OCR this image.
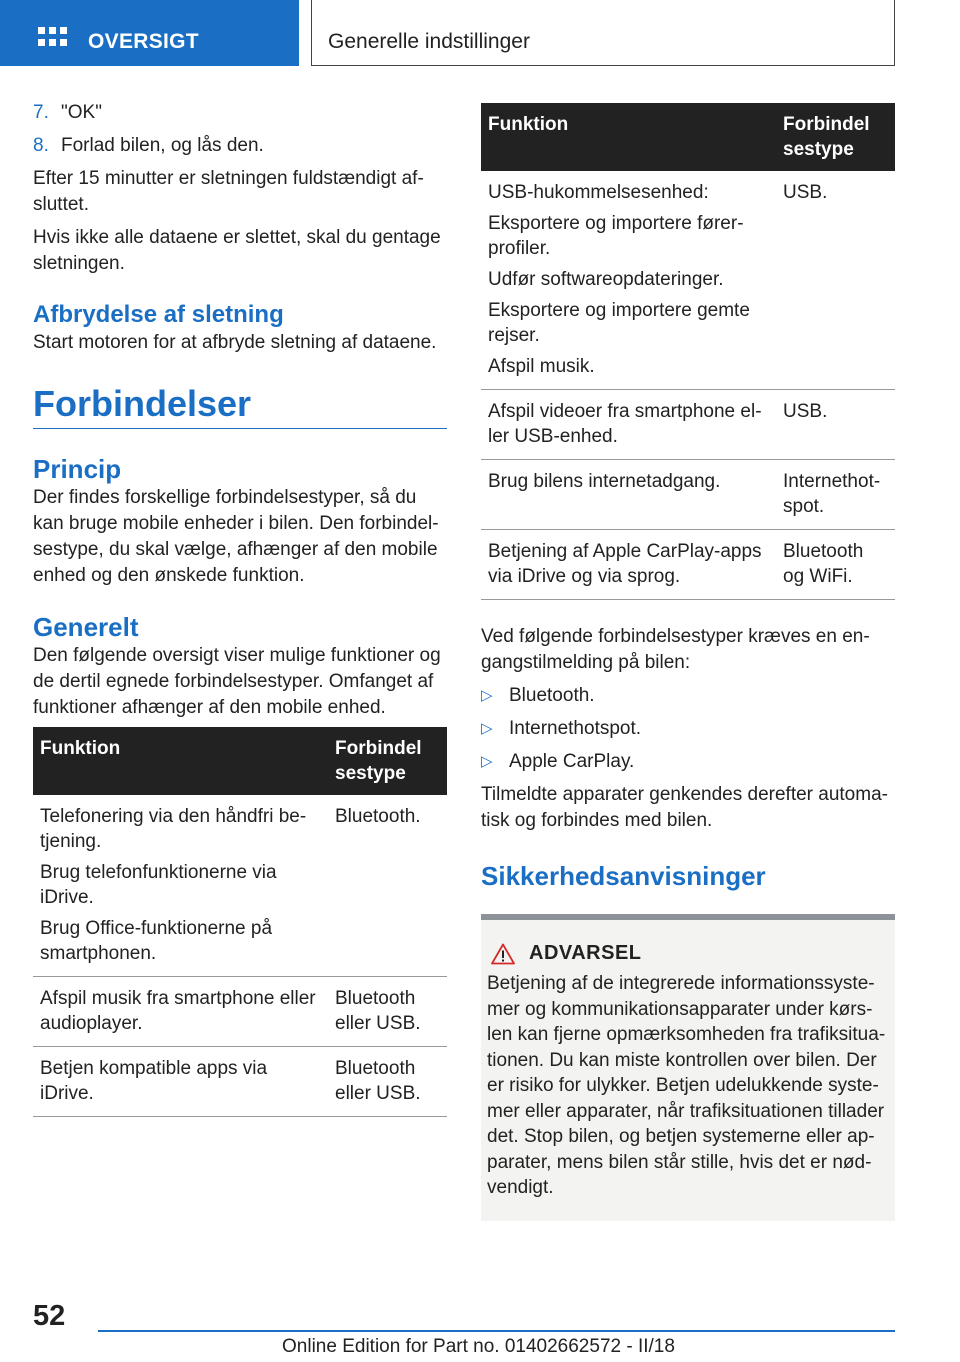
OVERSIGT	Generelle indstillinger
7. "OK"
8. Forlad bilen, og lås den.

Efter 15 minutter er sletningen fuldstændigt afsluttet.

Hvis ikke alle dataene er slettet, skal du gentage sletningen.

Afbrydelse af sletning

Start motoren for at afbryde sletning af dataene.

Forbindelser
Princip

Der findes forskellige forbindelsestyper, så du kan bruge mobile enheder i bilen. Den forbindelsestype, du skal vælge, afhænger af den mobile enhed og den ønskede funktion.

Generelt

Den følgende oversigt viser mulige funktioner og de dertil egnede forbindelsestyper. Omfanget af funktioner afhænger af den mobile enhed.

Funktion	Forbindel sestype

Telefonering via den håndfri betjening.
Brug telefonfunktionerne via iDrive.
Brug Office-funktionerne på smartphonen.	Bluetooth.
Afspil musik fra smartphone eller audioplayer.	Bluetooth eller USB.
Betjen kompatible apps via iDrive.	Bluetooth eller USB.
Funktion	Forbindel sestype

USB-hukommelsesenhed:
Eksportere og importere førerprofiler.
Udfør softwareopdateringer.
Eksportere og importere gemte rejser.
Afspil musik.	USB.
Afspil videoer fra smartphone eller USB-enhed.	USB.
Brug bilens internetadgang.	Internethotspot.
Betjening af Apple CarPlay-apps via iDrive og via sprog.	Bluetooth og WiFi.

Ved følgende forbindelsestyper kræves en engangstilmelding på bilen:

▷ Bluetooth.
▷ Internethotspot.
▷ Apple CarPlay.

Tilmeldte apparater genkendes derefter automatisk og forbindes med bilen.

Sikkerhedsanvisninger
ADVARSEL

Betjening af de integrerede informationssystemer og kommunikationsapparater under kørslen kan fjerne opmærksomheden fra trafiksituationen. Du kan miste kontrollen over bilen. Der er risiko for ulykker. Betjen udelukkende systemer eller apparater, når trafiksituationen tillader det. Stop bilen, og betjen systemerne eller apparater, mens bilen står stille, hvis det er nødvendigt.

52
Online Edition for Part no. 01402662572 - II/18
